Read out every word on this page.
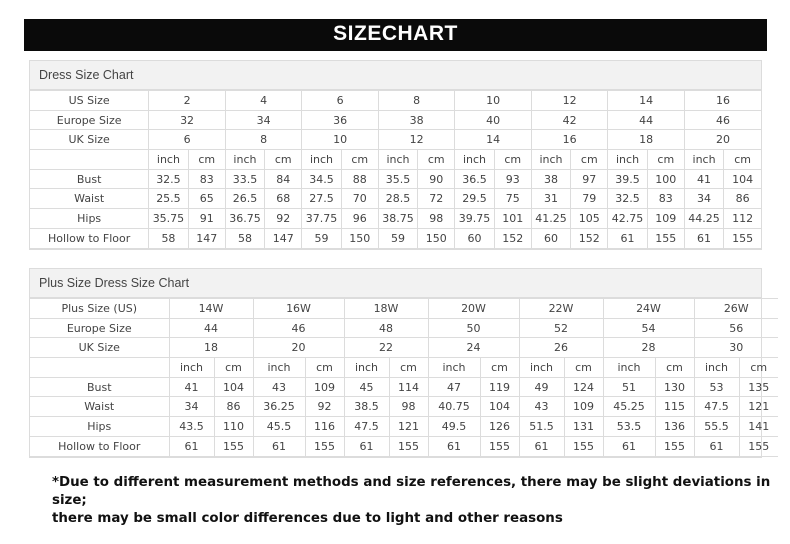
SIZECHART
Dress Size Chart
US Size	2		4		6		8		10		12		14		16	
Europe Size	32		34		36		38		40		42		44		46	
UK Size	6		8		10		12		14		16		18		20	
	inch	cm	inch	cm	inch	cm	inch	cm	inch	cm	inch	cm	inch	cm	inch	cm
Bust	32.5	83	33.5	84	34.5	88	35.5	90	36.5	93	38	97	39.5	100	41	104
Waist	25.5	65	26.5	68	27.5	70	28.5	72	29.5	75	31	79	32.5	83	34	86
Hips	35.75	91	36.75	92	37.75	96	38.75	98	39.75	101	41.25	105	42.75	109	44.25	112
Hollow to Floor	58	147	58	147	59	150	59	150	60	152	60	152	61	155	61	155
Plus Size Dress Size Chart
Plus Size (US)	14W		16W		18W		20W		22W		24W		26W	
Europe Size	44		46		48		50		52		54		56	
UK Size	18		20		22		24		26		28		30	
	inch	cm	inch	cm	inch	cm	inch	cm	inch	cm	inch	cm	inch	cm
Bust	41	104	43	109	45	114	47	119	49	124	51	130	53	135
Waist	34	86	36.25	92	38.5	98	40.75	104	43	109	45.25	115	47.5	121
Hips	43.5	110	45.5	116	47.5	121	49.5	126	51.5	131	53.5	136	55.5	141
Hollow to Floor	61	155	61	155	61	155	61	155	61	155	61	155	61	155
*Due to different measurement methods and size references, there may be slight deviations in size;
there may be small color differences due to light and other reasons
